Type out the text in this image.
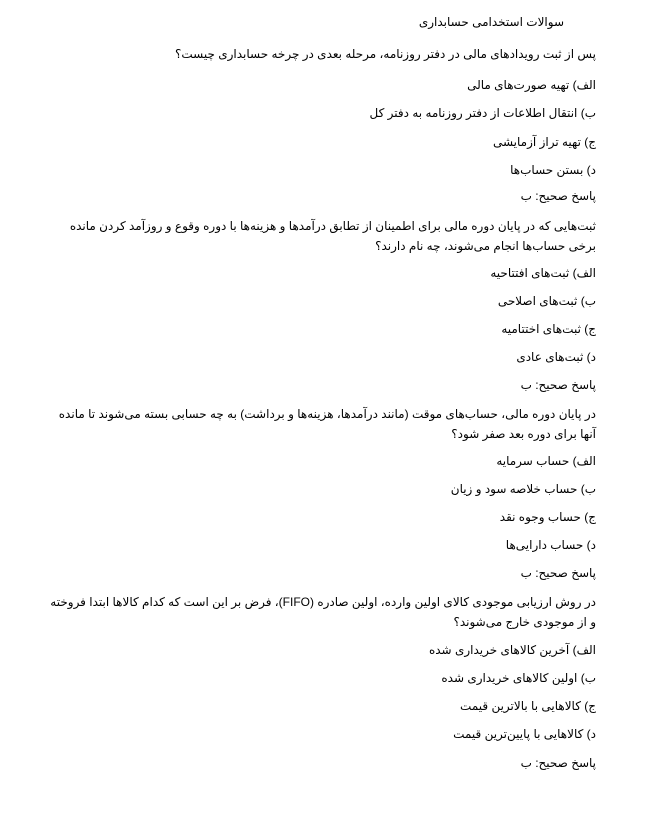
سوالات استخدامی حسابداری
پس از ثبت رویدادهای مالی در دفتر روزنامه، مرحله بعدی در چرخه حسابداری چیست؟
الف) تهیه صورت‌های مالی
ب) انتقال اطلاعات از دفتر روزنامه به دفتر کل
ج) تهیه تراز آزمایشی
د) بستن حساب‌ها
پاسخ صحیح: ب
ثبت‌هایی که در پایان دوره مالی برای اطمینان از تطابق درآمدها و هزینه‌ها با دوره وقوع و روزآمد کردن مانده برخی حساب‌ها انجام می‌شوند، چه نام دارند؟
الف) ثبت‌های افتتاحیه
ب) ثبت‌های اصلاحی
ج) ثبت‌های اختتامیه
د) ثبت‌های عادی
پاسخ صحیح: ب
در پایان دوره مالی، حساب‌های موقت (مانند درآمدها، هزینه‌ها و برداشت) به چه حسابی بسته می‌شوند تا مانده آنها برای دوره بعد صفر شود؟
الف) حساب سرمایه
ب) حساب خلاصه سود و زیان
ج) حساب وجوه نقد
د) حساب دارایی‌ها
پاسخ صحیح: ب
در روش ارزیابی موجودی کالای اولین وارده، اولین صادره (FIFO)، فرض بر این است که کدام کالاها ابتدا فروخته و از موجودی خارج می‌شوند؟
الف) آخرین کالاهای خریداری شده
ب) اولین کالاهای خریداری شده
ج) کالاهایی با بالاترین قیمت
د) کالاهایی با پایین‌ترین قیمت
پاسخ صحیح: ب
